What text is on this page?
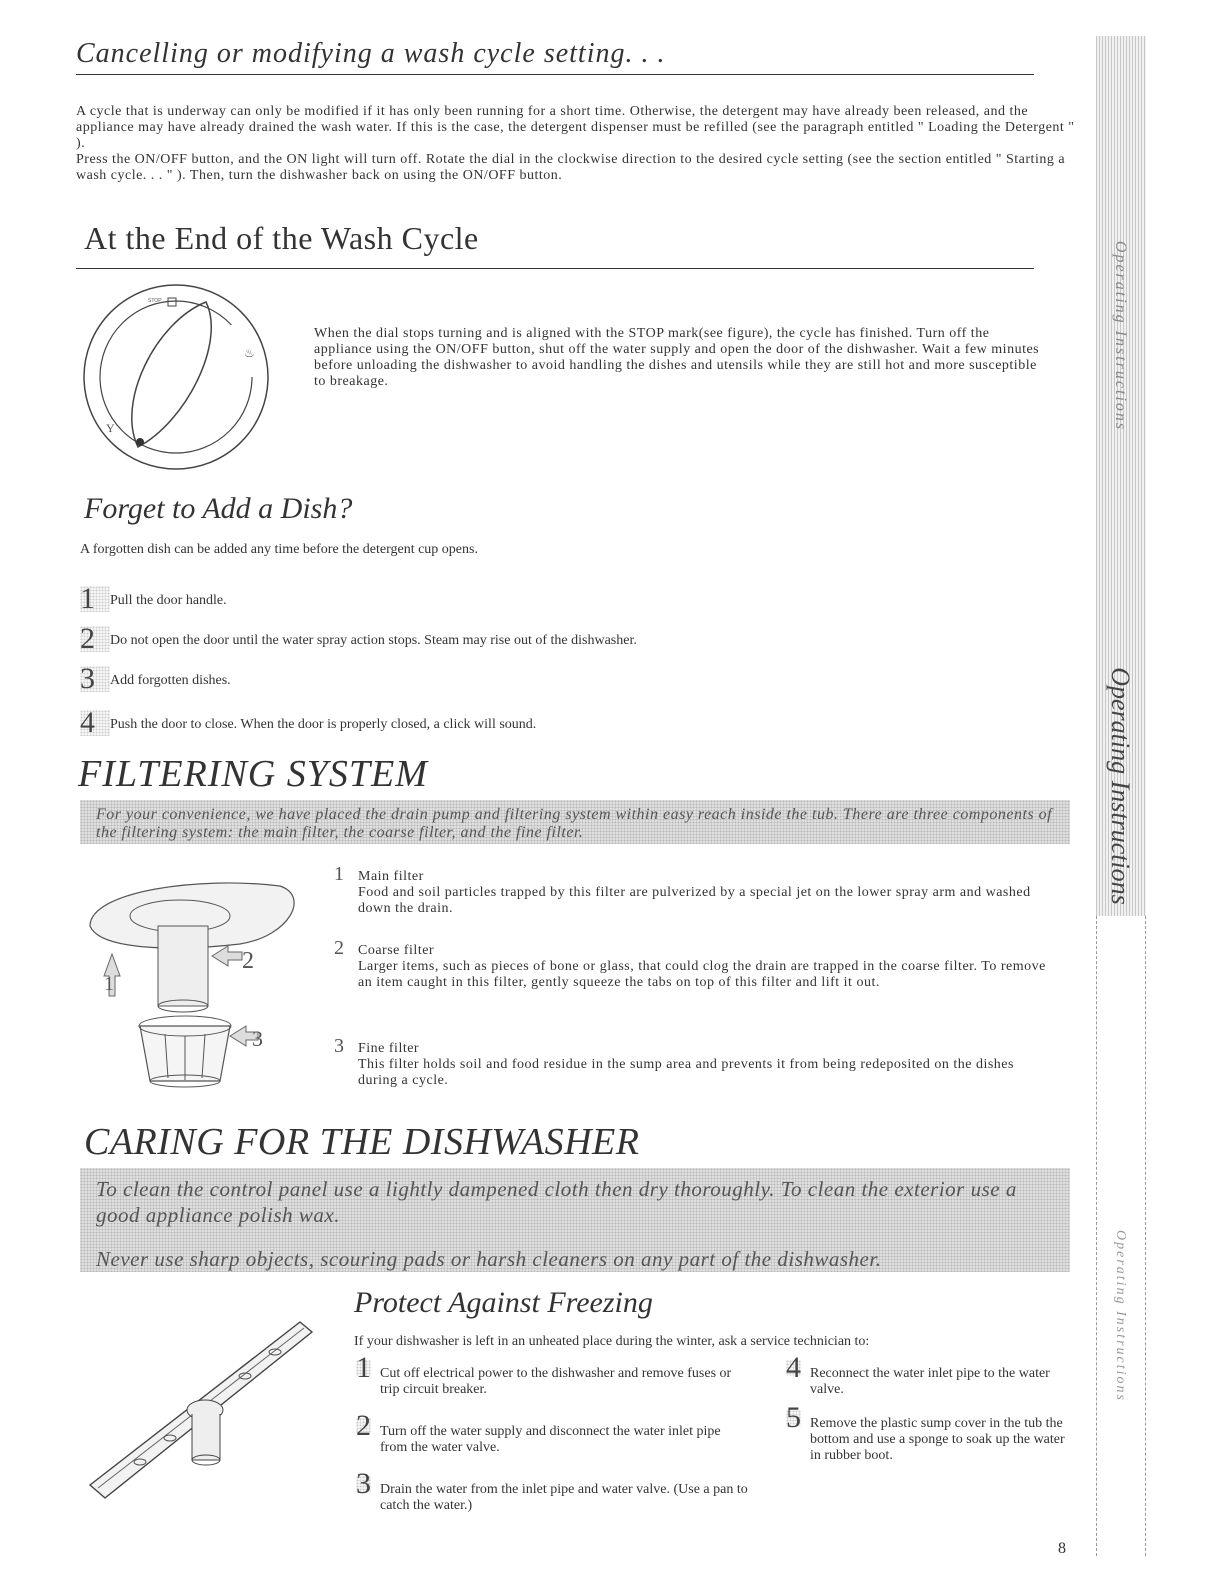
Cancelling or modifying a wash cycle setting. . .

A cycle that is underway can only be modified if it has only been running for a short time. Otherwise, the detergent may have already been released, and the appliance may have already drained the wash water. If this is the case, the detergent dispenser must be refilled (see the paragraph entitled " Loading the Detergent " ).

Press the ON/OFF button, and the ON light will turn off. Rotate the dial in the clockwise direction to the desired cycle setting (see the section entitled " Starting a wash cycle. . . " ). Then, turn the dishwasher back on using the ON/OFF button.

At the End of the Wash Cycle
STOP
Y
♨
When the dial stops turning and is aligned with the STOP mark(see figure), the cycle has finished. Turn off the appliance using the ON/OFF button, shut off the water supply and open the door of the dishwasher. Wait a few minutes before unloading the dishwasher to avoid handling the dishes and utensils while they are still hot and more susceptible to breakage.
Forget to Add a Dish?
A forgotten dish can be added any time before the detergent cup opens.
1 Pull the door handle.
2 Do not open the door until the water spray action stops. Steam may rise out of the dishwasher.
3 Add forgotten dishes.
4 Push the door to close. When the door is properly closed, a click will sound.
FILTERING SYSTEM
For your convenience, we have placed the drain pump and filtering system within easy reach inside the tub. There are three components of the filtering system: the main filter, the coarse filter, and the fine filter.
1
2
3
1 Main filter
Food and soil particles trapped by this filter are pulverized by a special jet on the lower spray arm and washed down the drain.
2 Coarse filter
Larger items, such as pieces of bone or glass, that could clog the drain are trapped in the coarse filter. To remove an item caught in this filter, gently squeeze the tabs on top of this filter and lift it out.
3 Fine filter
This filter holds soil and food residue in the sump area and prevents it from being redeposited on the dishes during a cycle.
CARING FOR THE DISHWASHER
To clean the control panel use a lightly dampened cloth then dry thoroughly. To clean the exterior use a good appliance polish wax.
Never use sharp objects, scouring pads or harsh cleaners on any part of the dishwasher.
Protect Against Freezing
If your dishwasher is left in an unheated place during the winter, ask a service technician to:
1 Cut off electrical power to the dishwasher and remove fuses or trip circuit breaker.
2 Turn off the water supply and disconnect the water inlet pipe from the water valve.
3 Drain the water from the inlet pipe and water valve. (Use a pan to catch the water.)
4 Reconnect the water inlet pipe to the water valve.
5 Remove the plastic sump cover in the tub the bottom and use a sponge to soak up the water in rubber boot.
8
Operating Instructions
Operating Instructions
Operating Instructions
